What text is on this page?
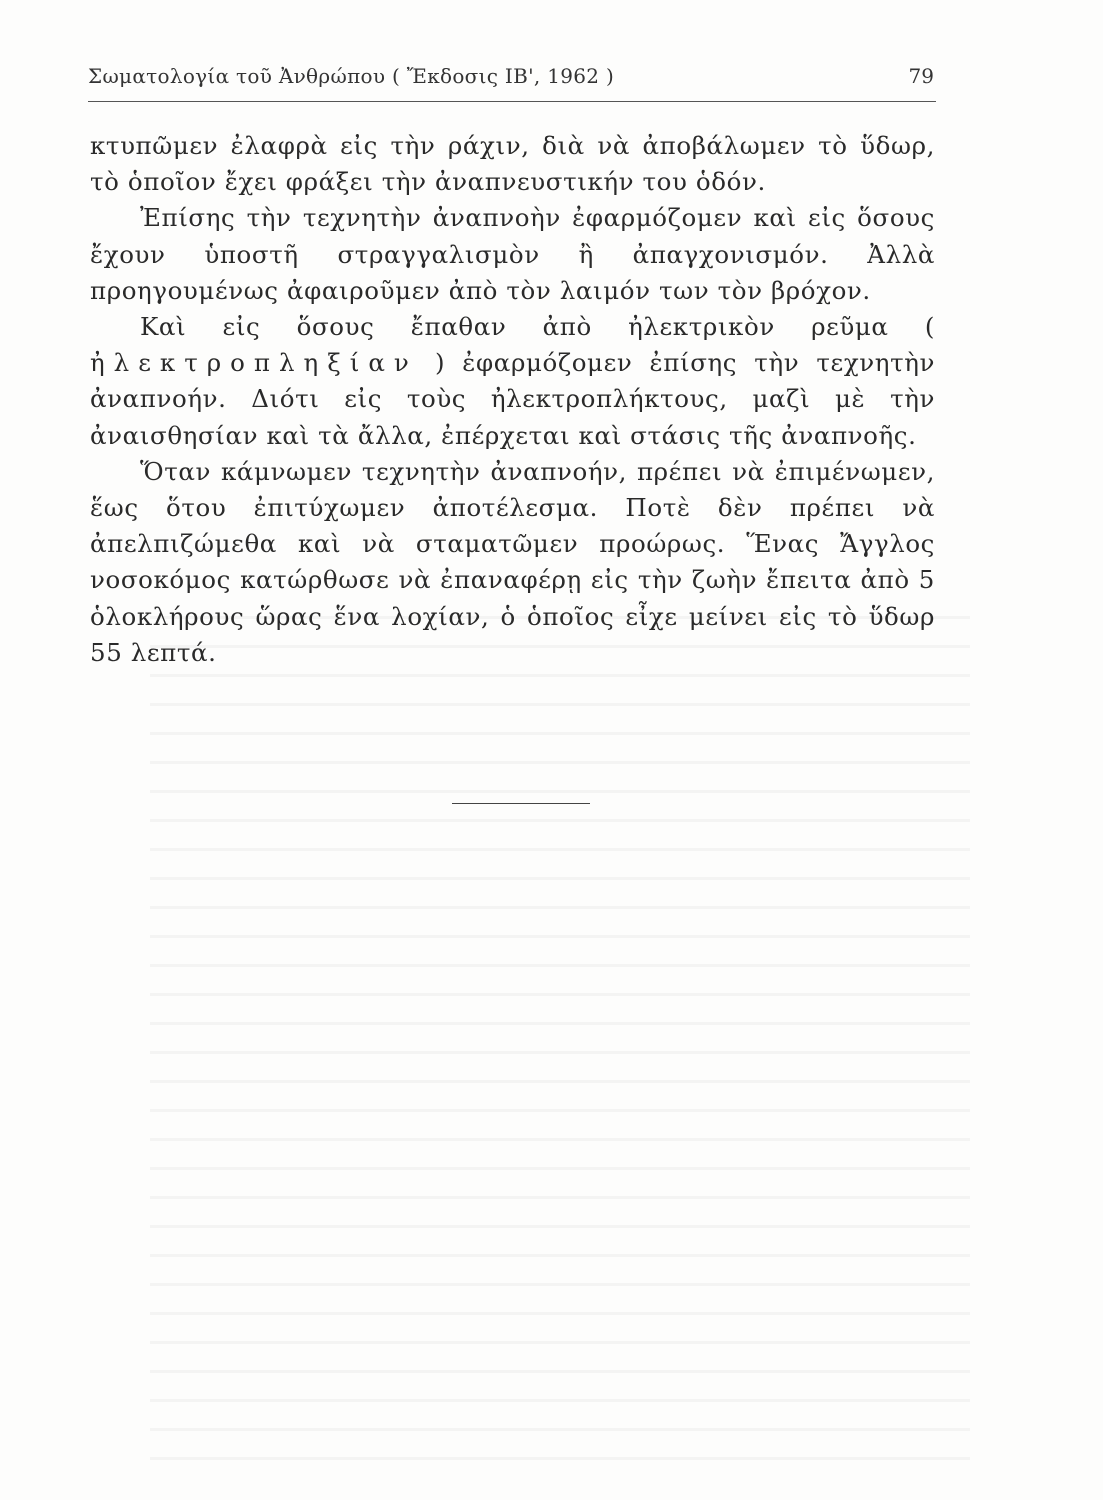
Σωματολογία τοῦ Ἀνθρώπου ( Ἔκδοσις ΙΒ', 1962 )	79

κτυπῶμεν ἐλαφρὰ εἰς τὴν ράχιν, διὰ νὰ ἀποβάλωμεν τὸ ὕδωρ, τὸ ὁποῖον ἔχει φράξει τὴν ἀναπνευστικήν του ὁδόν.

Ἐπίσης τὴν τεχνητὴν ἀναπνοὴν ἐφαρμόζομεν καὶ εἰς ὅσους ἔχουν ὑποστῆ στραγγαλισμὸν ἢ ἀπαγχονισμόν. Ἀλλὰ προηγουμένως ἀφαιροῦμεν ἀπὸ τὸν λαιμόν των τὸν βρόχον.

Καὶ εἰς ὅσους ἔπαθαν ἀπὸ ἠλεκτρικὸν ρεῦμα ( ἠλεκτροπληξίαν ) ἐφαρμόζομεν ἐπίσης τὴν τεχνητὴν ἀναπνοήν. Διότι εἰς τοὺς ἠλεκτροπλήκτους, μαζὶ μὲ τὴν ἀναισθησίαν καὶ τὰ ἄλλα, ἐπέρχεται καὶ στάσις τῆς ἀναπνοῆς.

Ὅταν κάμνωμεν τεχνητὴν ἀναπνοήν, πρέπει νὰ ἐπιμένωμεν, ἕως ὅτου ἐπιτύχωμεν ἀποτέλεσμα. Ποτὲ δὲν πρέπει νὰ ἀπελπιζώμεθα καὶ νὰ σταματῶμεν προώρως. Ἕνας Ἄγγλος νοσοκόμος κατώρθωσε νὰ ἐπαναφέρῃ εἰς τὴν ζωὴν ἔπειτα ἀπὸ 5 ὁλοκλήρους ὥρας ἕνα λοχίαν, ὁ ὁποῖος εἶχε μείνει εἰς τὸ ὕδωρ 55 λεπτά.
